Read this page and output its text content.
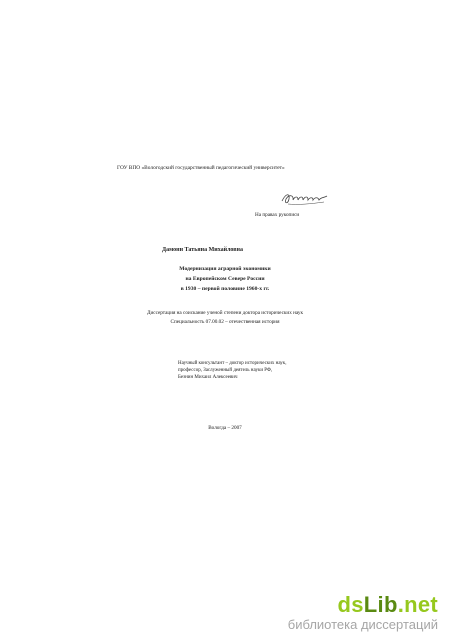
ГОУ ВПО «Вологодский государственный педагогический университет»
На правах рукописи
Дамонн Татьяна Михайловна
Модернизация аграрной экономики
на Европейском Севере России
в 1930 – первой половине 1960-х гг.
Диссертация на соискание ученой степени доктора исторических наук
Специальность 07.00.02 – отечественная история
Научный консультант – доктор исторических наук,
профессор, Заслуженный деятель науки РФ,
Безнин Михаил Алексеевич
Вологда – 2007
dsLib.net
библиотека диссертаций
